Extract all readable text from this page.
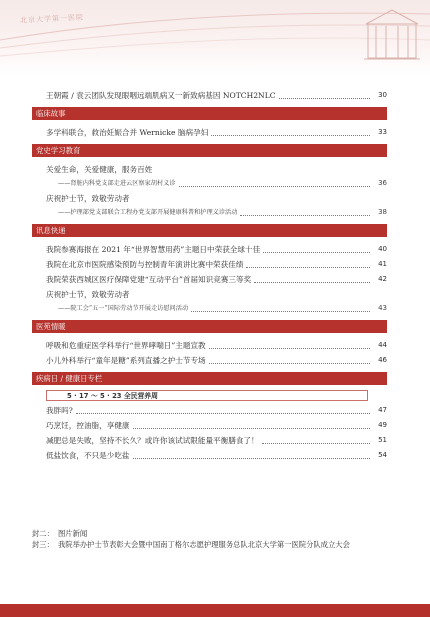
北京大学第一医院
王朝霞 / 袁云团队发现眼咽远端肌病又一新致病基因 NOTCH2NLC	30
临床故事
多学科联合，救治妊娠合并 Wernicke 脑病孕妇	33
党史学习教育
关爱生命，关爱健康，服务百姓
——肾脏内科党支部走进云区察家胡村义诊	36
庆祝护士节，致敬劳动者
——护理部党支部联合工程办党支部开展健康科普和护理义诊活动	38
讯息快递
我院参赛海报在 2021 年“世界智慧用药”主题日中荣获全球十佳	40
我院在北京市医院感染预防与控制青年演讲比赛中荣获佳绩	41
我院荣获西城区医疗保障党建“互动平台”首届知识竞赛三等奖	42
庆祝护士节，致敬劳动者
——院工会“五一”国际劳动节开展走访慰问活动	43
医苑情暖
呼吸和危重症医学科举行“世界哮喘日”主题宣教	44
小儿外科举行“童年是糖”系列直播之护士节专场	46
疾病日 / 健康日专栏
5 · 17 ～ 5 · 23 全民营养周
我胖吗?	47
巧烹饪，控油脂，享健康	49
减肥总是失败，坚持不长久？或许你该试试限能量平衡膳食了！	51
低盐饮食，不只是少吃盐	54
封二： 图片新闻
封三： 我院举办护士节表彰大会暨中国南丁格尔志愿护理服务总队北京大学第一医院分队成立大会
